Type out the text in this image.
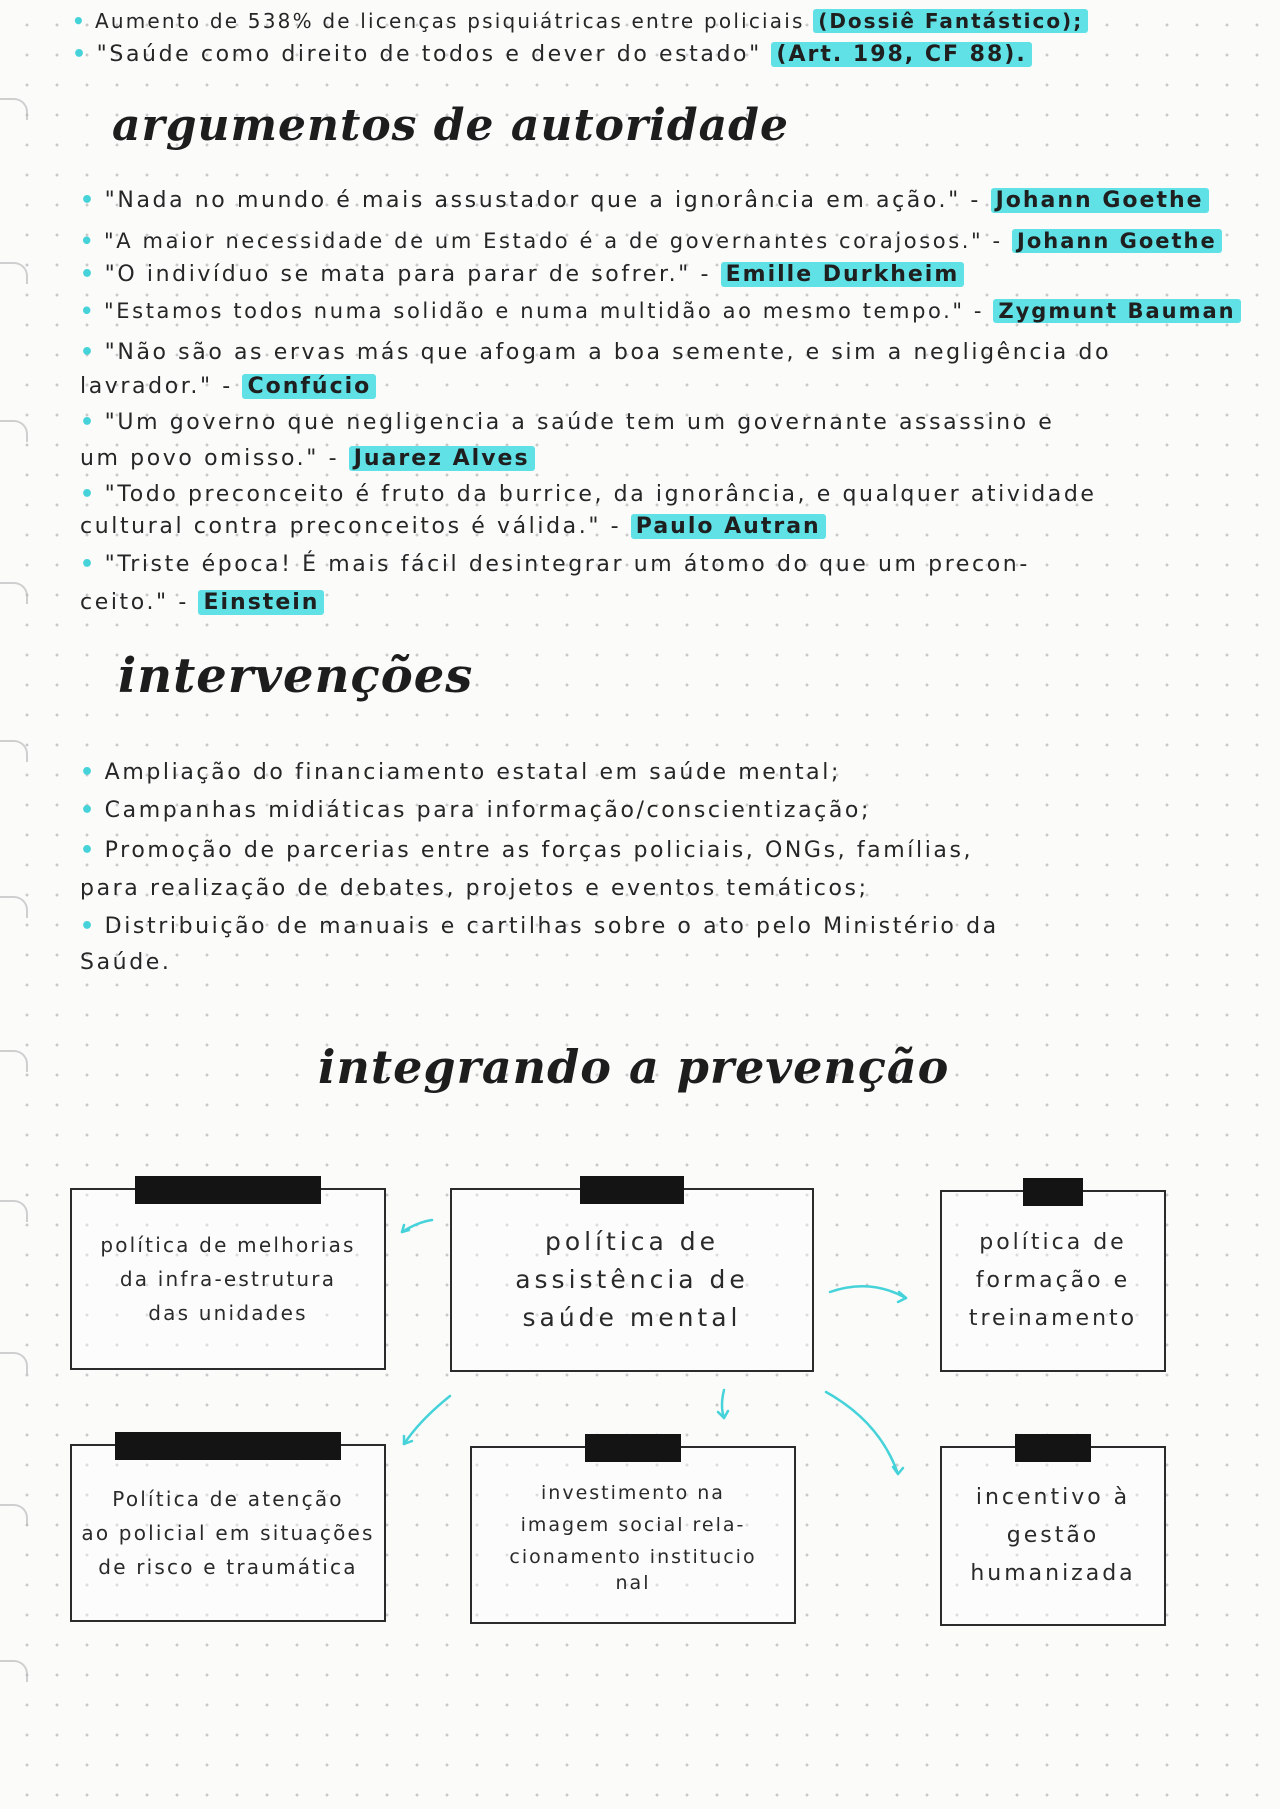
• Aumento de 538% de licenças psiquiátricas entre policiais (Dossiê Fantástico);
• "Saúde como direito de todos e dever do estado" (Art. 198, CF 88).
argumentos de autoridade
• "Nada no mundo é mais assustador que a ignorância em ação." - Johann Goethe
• "A maior necessidade de um Estado é a de governantes corajosos." - Johann Goethe
• "O indivíduo se mata para parar de sofrer." - Emille Durkheim
• "Estamos todos numa solidão e numa multidão ao mesmo tempo." - Zygmunt Bauman
• "Não são as ervas más que afogam a boa semente, e sim a negligência do
lavrador." - Confúcio
• "Um governo que negligencia a saúde tem um governante assassino e
um povo omisso." - Juarez Alves
• "Todo preconceito é fruto da burrice, da ignorância, e qualquer atividade
cultural contra preconceitos é válida." - Paulo Autran
• "Triste época! É mais fácil desintegrar um átomo do que um precon-
ceito." - Einstein
intervenções
• Ampliação do financiamento estatal em saúde mental;
• Campanhas midiáticas para informação/conscientização;
• Promoção de parcerias entre as forças policiais, ONGs, famílias,
para realização de debates, projetos e eventos temáticos;
• Distribuição de manuais e cartilhas sobre o ato pelo Ministério da
Saúde.
integrando a prevenção
política de melhorias
da infra-estrutura
das unidades
política de
assistência de
saúde mental
política de
formação e
treinamento
Política de atenção
ao policial em situações
de risco e traumática
investimento na
imagem social rela-
cionamento institucio
nal
incentivo à
gestão
humanizada
